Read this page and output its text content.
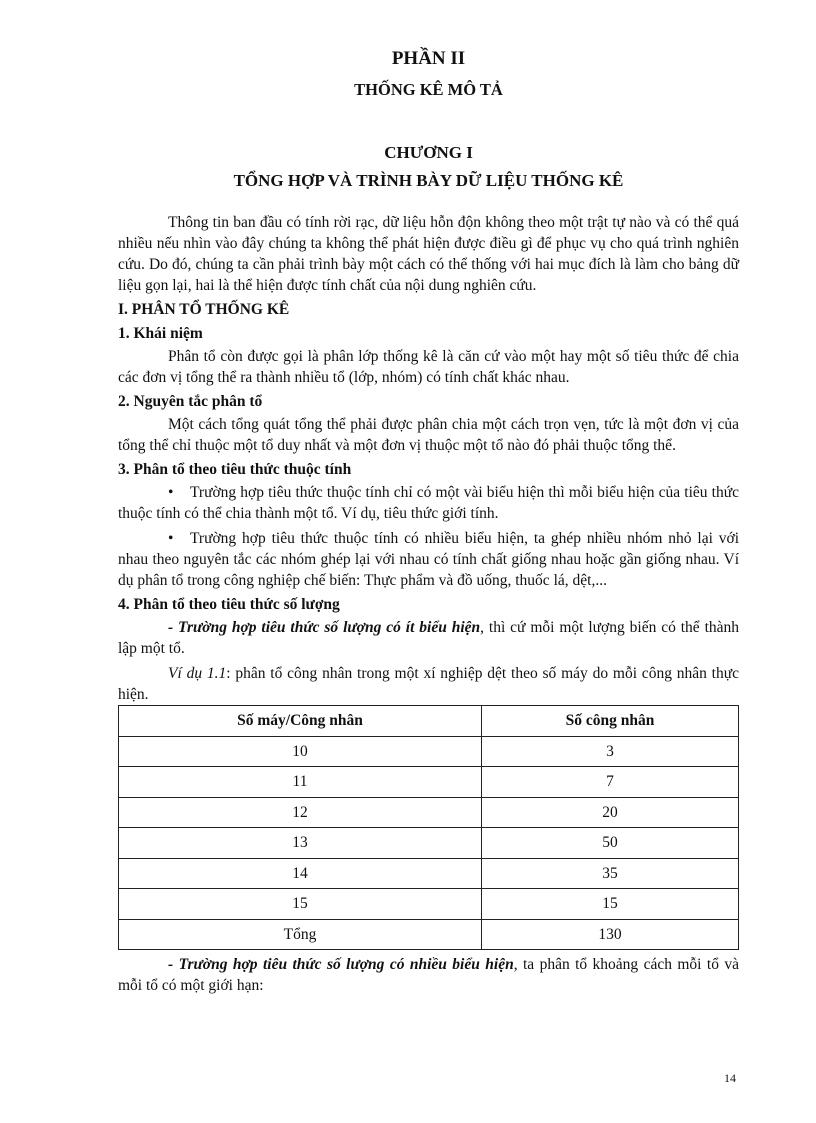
PHẦN II
THỐNG KÊ MÔ TẢ
CHƯƠNG I
TỔNG HỢP VÀ TRÌNH BÀY DỮ LIỆU THỐNG KÊ

Thông tin ban đầu có tính rời rạc, dữ liệu hỗn độn không theo một trật tự nào và có thể quá nhiều nếu nhìn vào đây chúng ta không thể phát hiện được điều gì để phục vụ cho quá trình nghiên cứu. Do đó, chúng ta cần phải trình bày một cách có thể thống với hai mục đích là làm cho bảng dữ liệu gọn lại, hai là thể hiện được tính chất của nội dung nghiên cứu.

I. PHÂN TỔ THỐNG KÊ
1. Khái niệm

Phân tổ còn được gọi là phân lớp thống kê là căn cứ vào một hay một số tiêu thức để chia các đơn vị tổng thể ra thành nhiều tổ (lớp, nhóm) có tính chất khác nhau.

2. Nguyên tắc phân tổ

Một cách tổng quát tổng thể phải được phân chia một cách trọn vẹn, tức là một đơn vị của tổng thể chỉ thuộc một tổ duy nhất và một đơn vị thuộc một tổ nào đó phải thuộc tổng thể.

3. Phân tổ theo tiêu thức thuộc tính

• Trường hợp tiêu thức thuộc tính chỉ có một vài biểu hiện thì mỗi biểu hiện của tiêu thức thuộc tính có thể chia thành một tổ. Ví dụ, tiêu thức giới tính.

• Trường hợp tiêu thức thuộc tính có nhiều biểu hiện, ta ghép nhiều nhóm nhỏ lại với nhau theo nguyên tắc các nhóm ghép lại với nhau có tính chất giống nhau hoặc gần giống nhau. Ví dụ phân tổ trong công nghiệp chế biến: Thực phẩm và đồ uống, thuốc lá, dệt,...

4. Phân tổ theo tiêu thức số lượng

- Trường hợp tiêu thức số lượng có ít biểu hiện, thì cứ mỗi một lượng biến có thể thành lập một tổ.

Ví dụ 1.1: phân tổ công nhân trong một xí nghiệp dệt theo số máy do mỗi công nhân thực hiện.

Số máy/Công nhân	Số công nhân
10	3
11	7
12	20
13	50
14	35
15	15
Tổng	130

- Trường hợp tiêu thức số lượng có nhiều biểu hiện, ta phân tổ khoảng cách mỗi tổ và mỗi tổ có một giới hạn:

14
